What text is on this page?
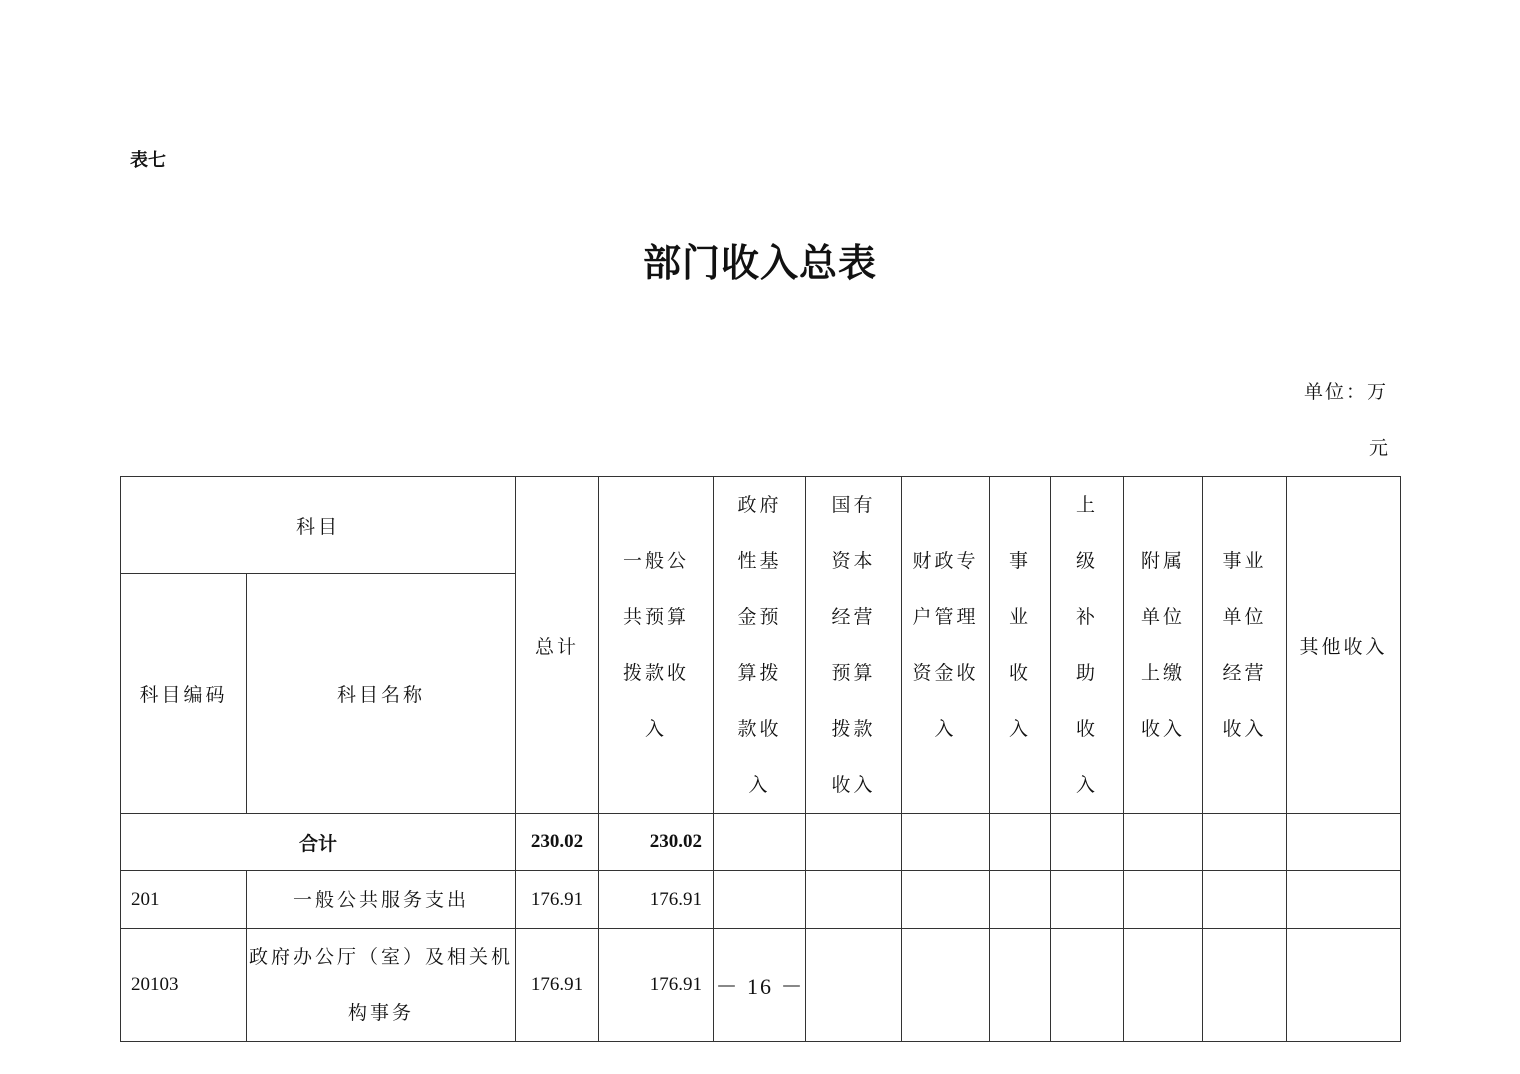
表七
部门收入总表
单位：万
元
科目		总计	一般公共预算拨款收入	政府性基金预算拨款收入	国有资本经营预算拨款收入	财政专户管理资金收入	事业收入	上级补助收入	附属单位上缴收入	事业单位经营收入	其他收入
科目编码	科目名称										
合计		230.02	230.02								
201	一般公共服务支出	176.91	176.91								
20103	政府办公厅（室）及相关机构事务	176.91	176.91								－ 16 －
